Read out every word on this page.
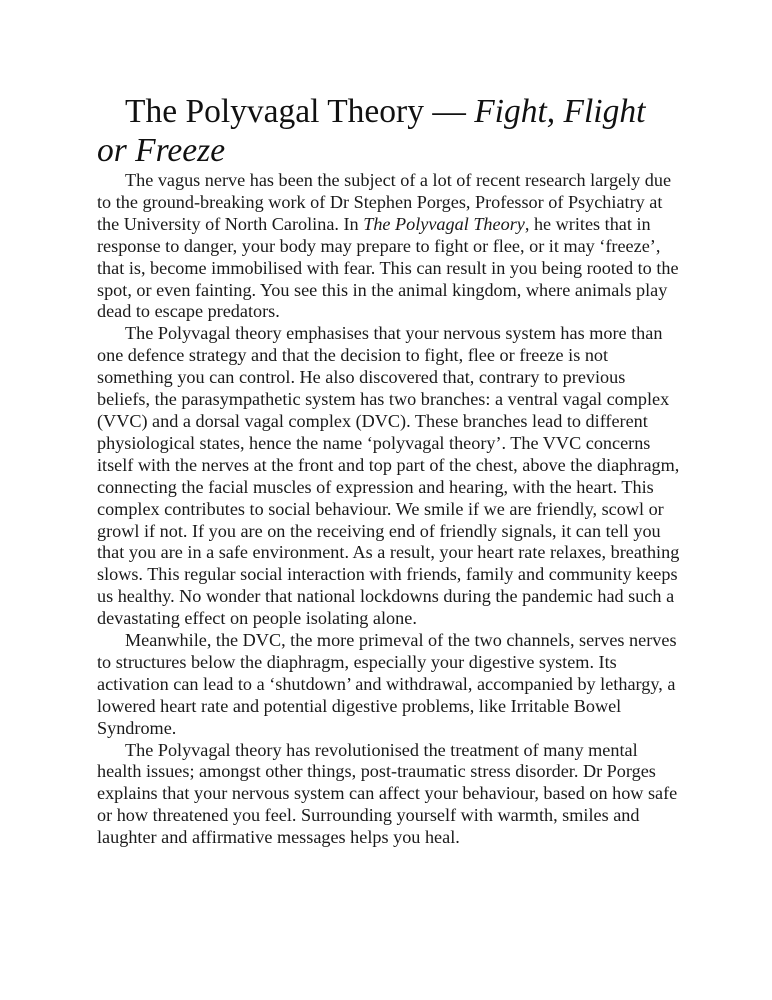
The Polyvagal Theory — Fight, Flight or Freeze

The vagus nerve has been the subject of a lot of recent research largely due to the ground-breaking work of Dr Stephen Porges, Professor of Psychiatry at the University of North Carolina. In The Polyvagal Theory, he writes that in response to danger, your body may prepare to fight or flee, or it may ‘freeze’, that is, become immobilised with fear. This can result in you being rooted to the spot, or even fainting. You see this in the animal kingdom, where animals play dead to escape predators.

The Polyvagal theory emphasises that your nervous system has more than one defence strategy and that the decision to fight, flee or freeze is not something you can control. He also discovered that, contrary to previous beliefs, the parasympathetic system has two branches: a ventral vagal complex (VVC) and a dorsal vagal complex (DVC). These branches lead to different physiological states, hence the name ‘polyvagal theory’. The VVC concerns itself with the nerves at the front and top part of the chest, above the diaphragm, connecting the facial muscles of expression and hearing, with the heart. This complex contributes to social behaviour. We smile if we are friendly, scowl or growl if not. If you are on the receiving end of friendly signals, it can tell you that you are in a safe environment. As a result, your heart rate relaxes, breathing slows. This regular social interaction with friends, family and community keeps us healthy. No wonder that national lockdowns during the pandemic had such a devastating effect on people isolating alone.

Meanwhile, the DVC, the more primeval of the two channels, serves nerves to structures below the diaphragm, especially your digestive system. Its activation can lead to a ‘shutdown’ and withdrawal, accompanied by lethargy, a lowered heart rate and potential digestive problems, like Irritable Bowel Syndrome.

The Polyvagal theory has revolutionised the treatment of many mental health issues; amongst other things, post-traumatic stress disorder. Dr Porges explains that your nervous system can affect your behaviour, based on how safe or how threatened you feel. Surrounding yourself with warmth, smiles and laughter and affirmative messages helps you heal.
